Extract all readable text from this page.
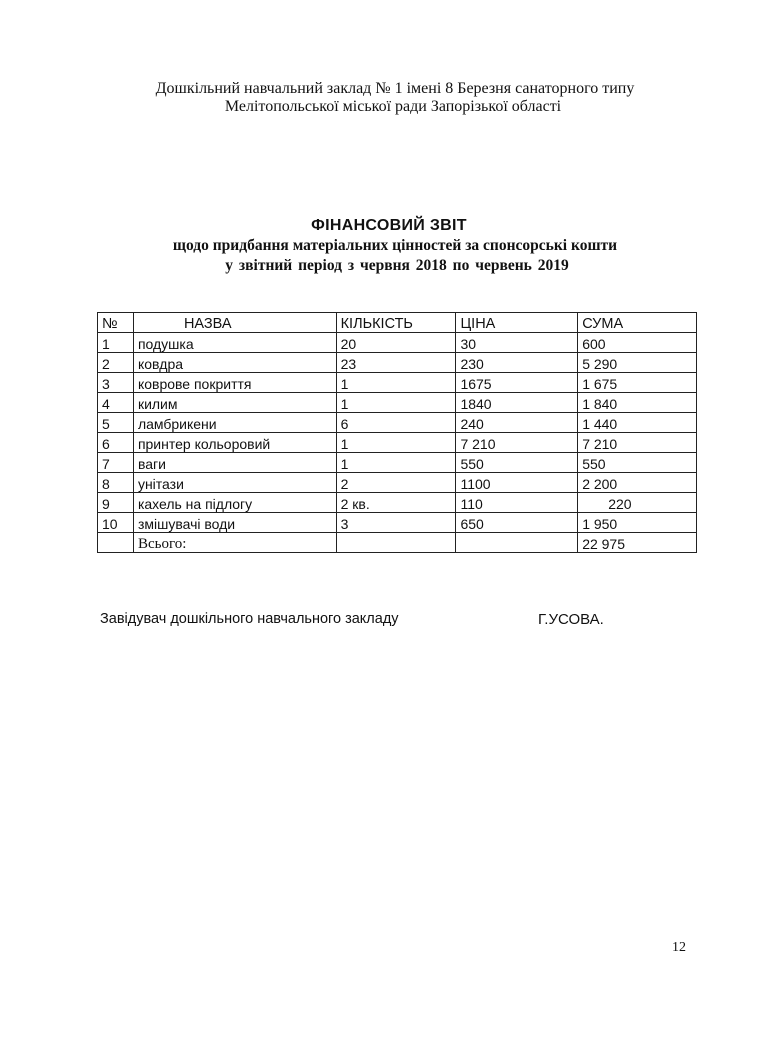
Дошкільний навчальний заклад № 1 імені 8 Березня санаторного типу
Мелітопольської міської ради Запорізької області
ФІНАНСОВИЙ ЗВІТ
щодо придбання матеріальних цінностей за спонсорські кошти
у звітний період з червня 2018 по червень 2019
№	НАЗВА	КІЛЬКІСТЬ	ЦІНА	СУМА
1	подушка	20	30	600
2	ковдра	23	230	5 290
3	коврове покриття	1	1675	1 675
4	килим	1	1840	1 840
5	ламбрикени	6	240	1 440
6	принтер кольоровий	1	7 210	7 210
7	ваги	1	550	550
8	унітази	2	1100	2 200
9	кахель на підлогу	2 кв.	110	220
10	змішувачі води	3	650	1 950
	Всього:			22 975
Завідувач дошкільного навчального закладу	Г.УСОВА.
12
